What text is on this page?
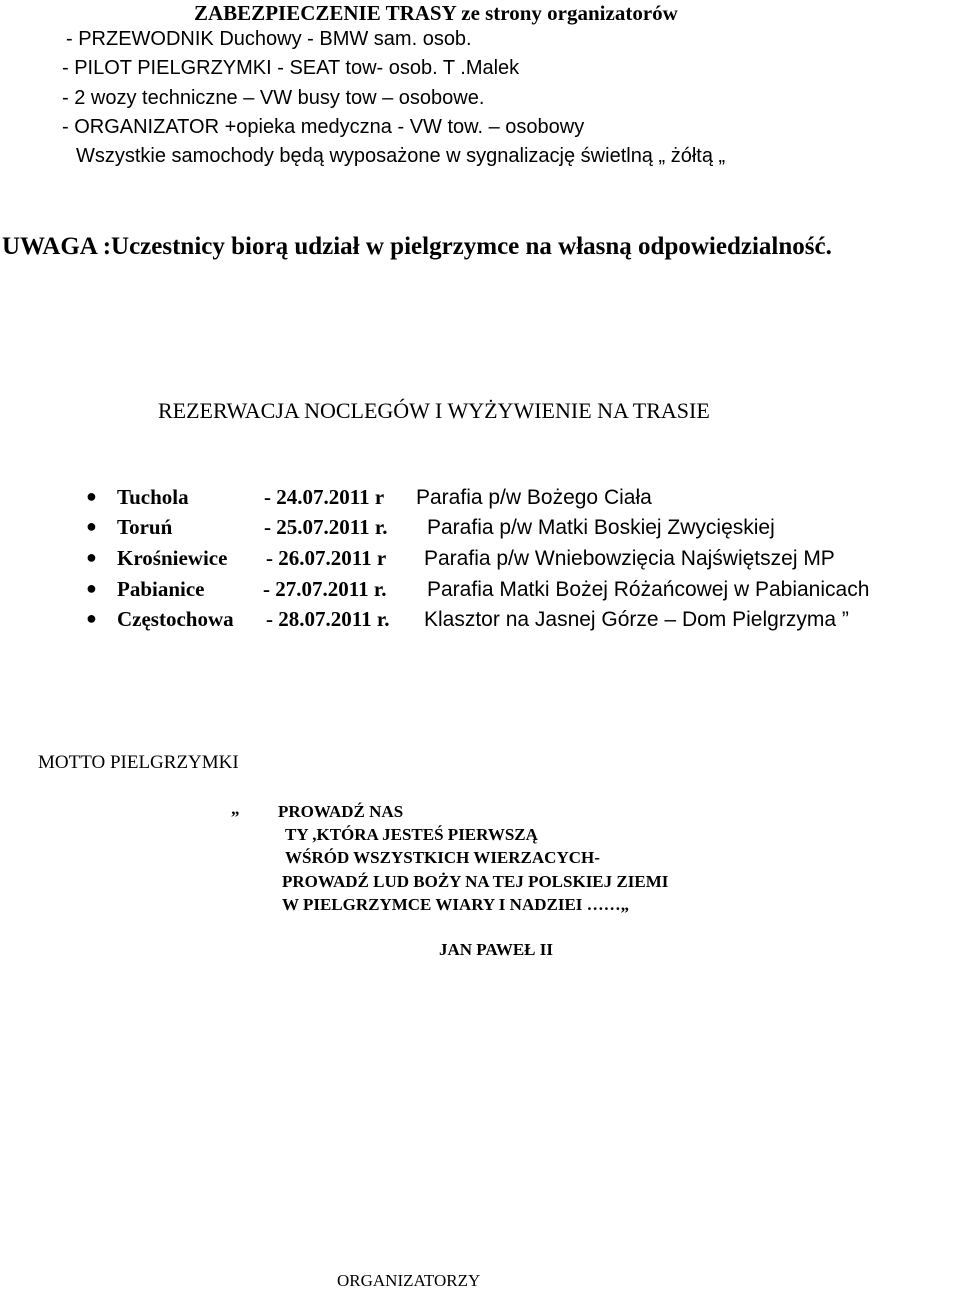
ZABEZPIECZENIE TRASY ze strony organizatorów
- PRZEWODNIK Duchowy - BMW sam. osob.
- PILOT PIELGRZYMKI - SEAT tow- osob. T .Malek
- 2 wozy techniczne – VW busy tow – osobowe.
- ORGANIZATOR +opieka medyczna - VW tow. – osobowy
Wszystkie samochody będą wyposażone w sygnalizację świetlną „ żółtą „
UWAGA :Uczestnicy biorą udział w pielgrzymce na własną odpowiedzialność.
REZERWACJA NOCLEGÓW I WYŻYWIENIE NA TRASIE
● Tuchola	- 24.07.2011 r Parafia p/w Bożego Ciała
● Toruń	- 25.07.2011 r. Parafia p/w Matki Boskiej Zwycięskiej
● Krośniewice - 26.07.2011 r Parafia p/w Wniebowzięcia Najświętszej MP
● Pabianice	- 27.07.2011 r. Parafia Matki Bożej Różańcowej w Pabianicach
● Częstochowa - 28.07.2011 r. Klasztor na Jasnej Górze – Dom Pielgrzyma ”
MOTTO PIELGRZYMKI
„ PROWADŹ NAS
TY ,KTÓRA JESTEŚ PIERWSZĄ
WŚRÓD WSZYSTKICH WIERZACYCH-
PROWADŹ LUD BOŻY NA TEJ POLSKIEJ ZIEMI
W PIELGRZYMCE WIARY I NADZIEI ……„
JAN PAWEŁ II
ORGANIZATORZY
